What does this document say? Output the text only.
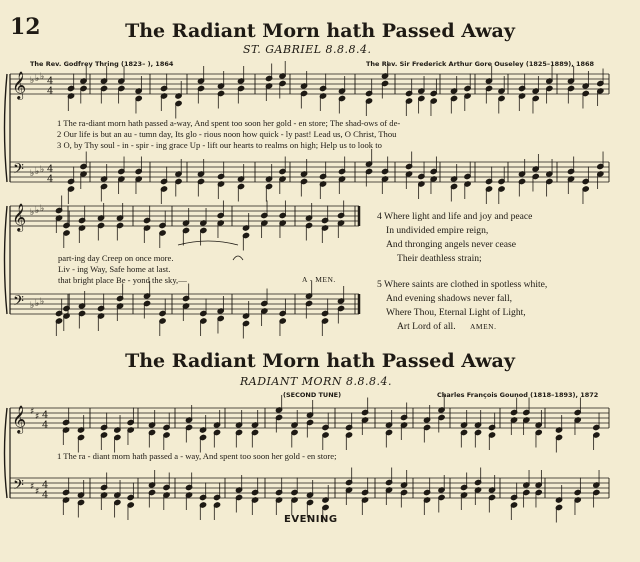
12	The Radiant Morn hath Passed Away
ST. GABRIEL 8.8.8.4.
The Rev. Godfrey Thring (1823– ), 1864	The Rev. Sir Frederick Arthur Gore Ouseley (1825–1889), 1868
1 The ra-diant morn hath passed a-way, And spent too soon her gold - en store; The shad-ows of de-
2 Our life is but an au - tumn day, Its glo - rious noon how quick - ly past! Lead us, O Christ, Thou
3 O, by Thy soul - in - spir - ing grace Up - lift our hearts to realms on high; Help us to look to
part-ing day Creep on once more.
Liv - ing Way, Safe home at last.
that bright place Be - yond the sky,—	A - MEN.
4 Where light and life and joy and peace
In undivided empire reign,
And thronging angels never cease
Their deathless strain;
5 Where saints are clothed in spotless white,
And evening shadows never fall,
Where Thou, Eternal Light of Light,
Art Lord of all. AMEN.
The Radiant Morn hath Passed Away
RADIANT MORN 8.8.8.4.
(SECOND TUNE)	Charles François Gounod (1818–1893), 1872
1 The ra - diant morn hath passed a - way, And spent too soon her gold - en store;
EVENING
𝄞
𝄢
♭
♭
♭
♭
♭
♭
4
4
4
4
𝄞
𝄢
♭
♭
♭
♭
♭
♭
𝄞
𝄢
♯
♯
♯
♯
4
4
4
4
